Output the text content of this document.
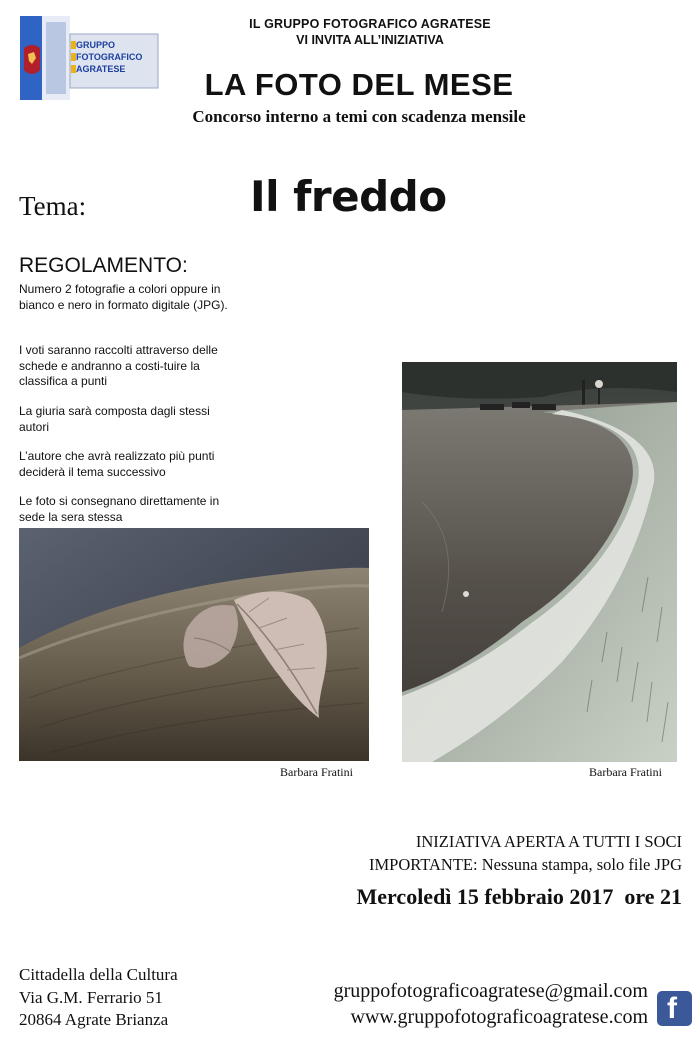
GRUPPO
FOTOGRAFICO
AGRATESE
IL GRUPPO FOTOGRAFICO AGRATESE
VI INVITA ALL’INIZIATIVA
LA FOTO DEL MESE
Concorso interno a temi con scadenza mensile
Tema:	Il freddo
REGOLAMENTO:
Numero 2 fotografie a colori oppure in bianco e nero in formato digitale (JPG).
I voti saranno raccolti attraverso delle schede e andranno a costi-tuire la classifica a punti
La giuria sarà composta dagli stessi autori
L’autore che avrà realizzato più punti deciderà il tema successivo
Le foto si consegnano direttamente in sede la sera stessa
Barbara Fratini	Barbara Fratini
INIZIATIVA APERTA A TUTTI I SOCI
IMPORTANTE: Nessuna stampa, solo file JPG
Mercoledì 15 febbraio 2017  ore 21
Cittadella della Cultura
Via G.M. Ferrario 51
20864 Agrate Brianza
gruppofotograficoagratese@gmail.com
www.gruppofotograficoagratese.com f
